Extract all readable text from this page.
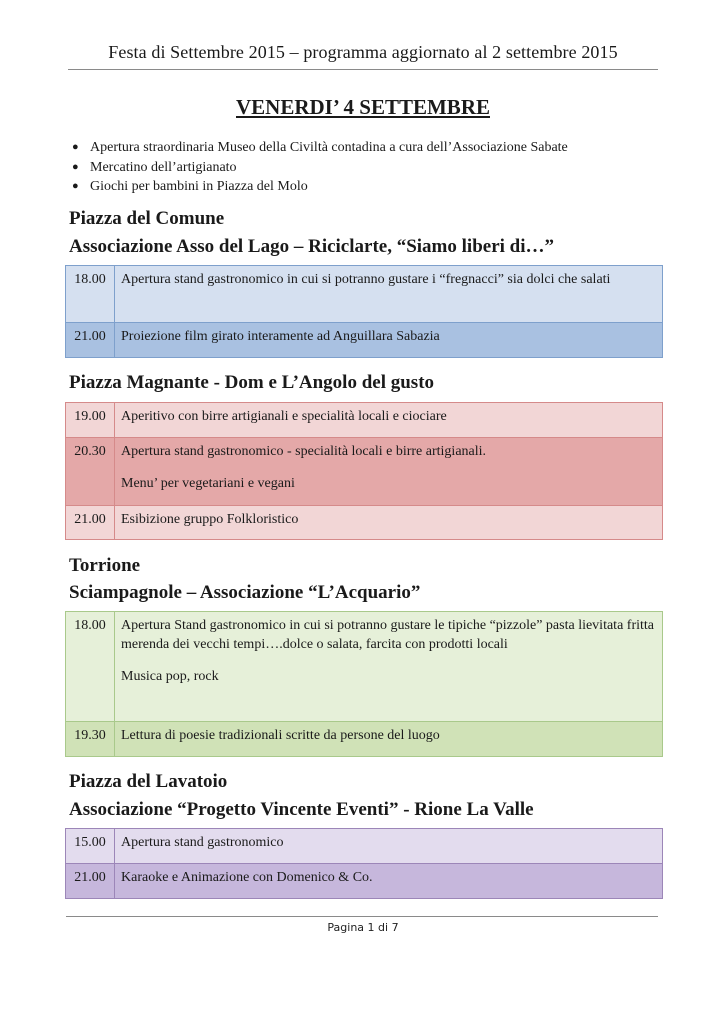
Festa di Settembre 2015 – programma aggiornato al 2 settembre 2015
VENERDI’ 4 SETTEMBRE
● Apertura straordinaria Museo della Civiltà contadina a cura dell’Associazione Sabate
● Mercatino dell’artigianato
● Giochi per bambini in Piazza del Molo
Piazza del Comune
Associazione Asso del Lago – Riciclarte, “Siamo liberi di…”
18.00	Apertura stand gastronomico in cui si potranno gustare i “fregnacci” sia dolci che salati

21.00	Proiezione film girato interamente ad Anguillara Sabazia

Piazza Magnante - Dom e L’Angolo del gusto
19.00	Aperitivo con birre artigianali e specialità locali e ciociare

20.30	Apertura stand gastronomico - specialità locali e birre artigianali.

Menu’ per vegetariani e vegani

21.00	Esibizione gruppo Folkloristico

Torrione
Sciampagnole – Associazione “L’Acquario”
18.00	Apertura Stand gastronomico in cui si potranno gustare le tipiche “pizzole” pasta lievitata fritta merenda dei vecchi tempi….dolce o salata, farcita con prodotti locali

Musica pop, rock

19.30	Lettura di poesie tradizionali scritte da persone del luogo

Piazza del Lavatoio
Associazione “Progetto Vincente Eventi” - Rione La Valle
15.00	Apertura stand gastronomico

21.00	Karaoke e Animazione con Domenico & Co.

Pagina 1 di 7
